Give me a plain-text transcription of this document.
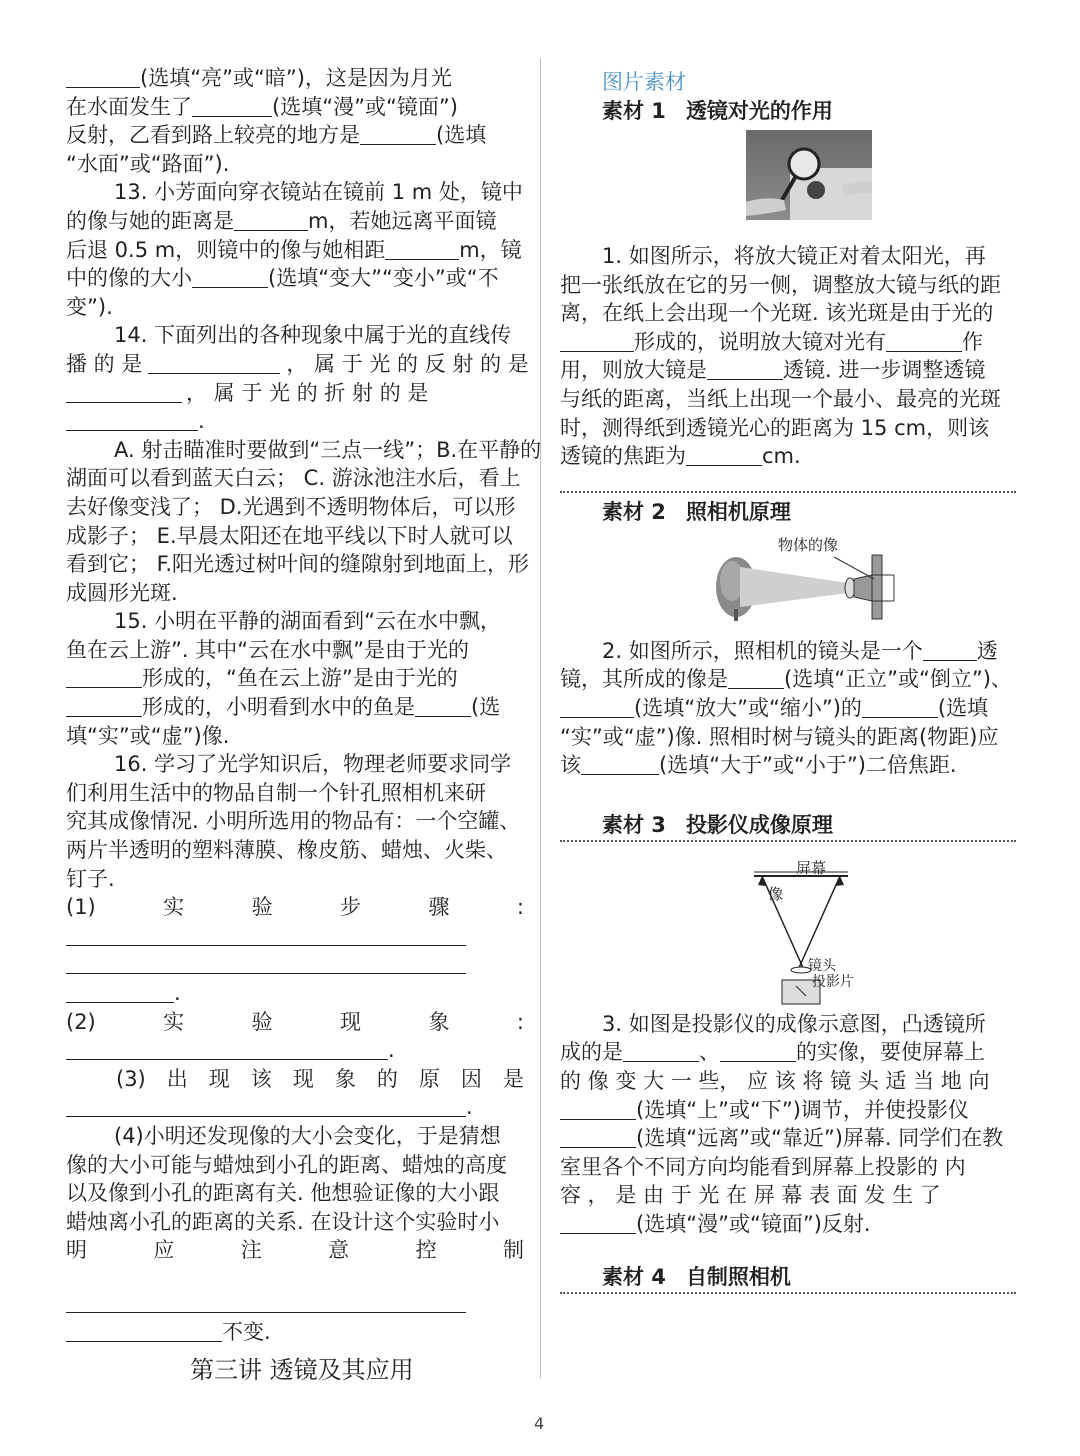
(选填“亮”或“暗”)，这是因为月光
在水面发生了	(选填“漫”或“镜面”)
反射，乙看到路上较亮的地方是	(选填
“水面”或“路面”).
13. 小芳面向穿衣镜站在镜前 1 m 处，镜中
的像与她的距离是	m，若她远离平面镜
后退 0.5 m，则镜中的像与她相距	m，镜
中的像的大小	(选填“变大”“变小”或“不
变”).
14. 下面列出的各种现象中属于光的直线传
播 的 是	， 属 于 光 的 反 射 的 是
， 属 于 光 的 折 射 的 是
.
A. 射击瞄准时要做到“三点一线”；B.在平静的
湖面可以看到蓝天白云； C. 游泳池注水后，看上
去好像变浅了； D.光遇到不透明物体后，可以形
成影子； E.早晨太阳还在地平线以下时人就可以
看到它； F.阳光透过树叶间的缝隙射到地面上，形
成圆形光斑.
15. 小明在平静的湖面看到“云在水中飘，
鱼在云上游”. 其中“云在水中飘”是由于光的
形成的，“鱼在云上游”是由于光的
形成的，小明看到水中的鱼是	(选
填“实”或“虚”)像.
16. 学习了光学知识后，物理老师要求同学
们利用生活中的物品自制一个针孔照相机来研
究其成像情况. 小明所选用的物品有：一个空罐、
两片半透明的塑料薄膜、橡皮筋、蜡烛、火柴、
钉子.
(1)	实	验	步	骤	:
.
(2)	实	验	现	象	:
.
(3) 出 现 该 现 象 的 原 因 是
.
(4)小明还发现像的大小会变化，于是猜想
像的大小可能与蜡烛到小孔的距离、蜡烛的高度
以及像到小孔的距离有关. 他想验证像的大小跟
蜡烛离小孔的距离的关系. 在设计这个实验时小
明	应	注	意	控	制
不变.
第三讲 透镜及其应用
4
图片素材
素材 1 透镜对光的作用
1. 如图所示，将放大镜正对着太阳光，再
把一张纸放在它的另一侧，调整放大镜与纸的距
离，在纸上会出现一个光斑. 该光斑是由于光的
形成的，说明放大镜对光有	作
用，则放大镜是	透镜. 进一步调整透镜
与纸的距离，当纸上出现一个最小、最亮的光斑
时，测得纸到透镜光心的距离为 15 cm，则该
透镜的焦距为	cm.
素材 2 照相机原理
物体的像
2. 如图所示，照相机的镜头是一个	透
镜，其所成的像是	(选填“正立”或“倒立”)、
(选填“放大”或“缩小”)的	(选填
“实”或“虚”)像. 照相时树与镜头的距离(物距)应
该	(选填“大于”或“小于”)二倍焦距.
素材 3 投影仪成像原理
屏幕
像
镜头
投影片
3. 如图是投影仪的成像示意图，凸透镜所
成的是	、	的实像，要使屏幕上
的 像 变 大 一 些， 应 该 将 镜 头 适 当 地 向
(选填“上”或“下”)调节，并使投影仪
(选填“远离”或“靠近”)屏幕. 同学们在教
室里各个不同方向均能看到屏幕上投影的 内
容 ， 是 由 于 光 在 屏 幕 表 面 发 生 了
(选填“漫”或“镜面”)反射.
素材 4 自制照相机
